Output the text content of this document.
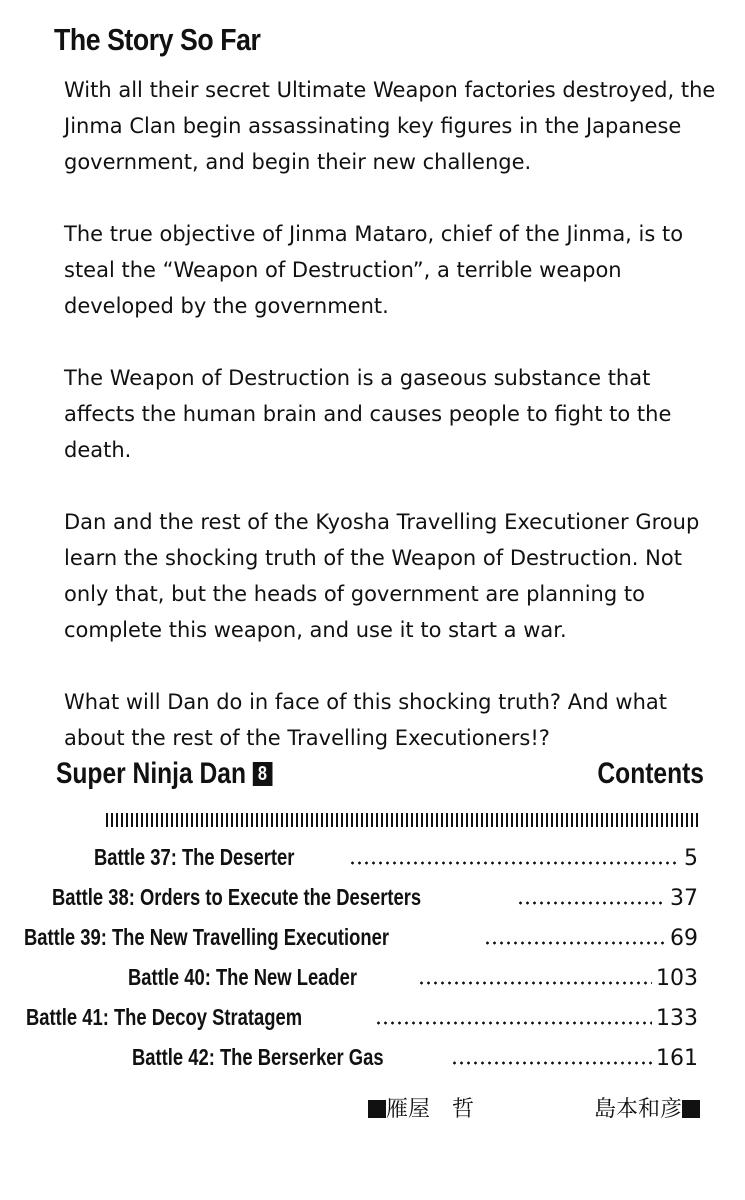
The Story So Far

With all their secret Ultimate Weapon factories destroyed, the Jinma Clan begin assassinating key figures in the Japanese government, and begin their new challenge.

The true objective of Jinma Mataro, chief of the Jinma, is to steal the “Weapon of Destruction”, a terrible weapon developed by the government.

The Weapon of Destruction is a gaseous substance that affects the human brain and causes people to fight to the death.

Dan and the rest of the Kyosha Travelling Executioner Group learn the shocking truth of the Weapon of Destruction. Not only that, but the heads of government are planning to complete this weapon, and use it to start a war.

What will Dan do in face of this shocking truth? And what about the rest of the Travelling Executioners!?

Super Ninja Dan 8	Contents
Battle 37: The Deserter	5
Battle 38: Orders to Execute the Deserters	37
Battle 39: The New Travelling Executioner	69
Battle 40: The New Leader	103
Battle 41: The Decoy Stratagem	133
Battle 42: The Berserker Gas	161
雁屋　哲	島本和彦
